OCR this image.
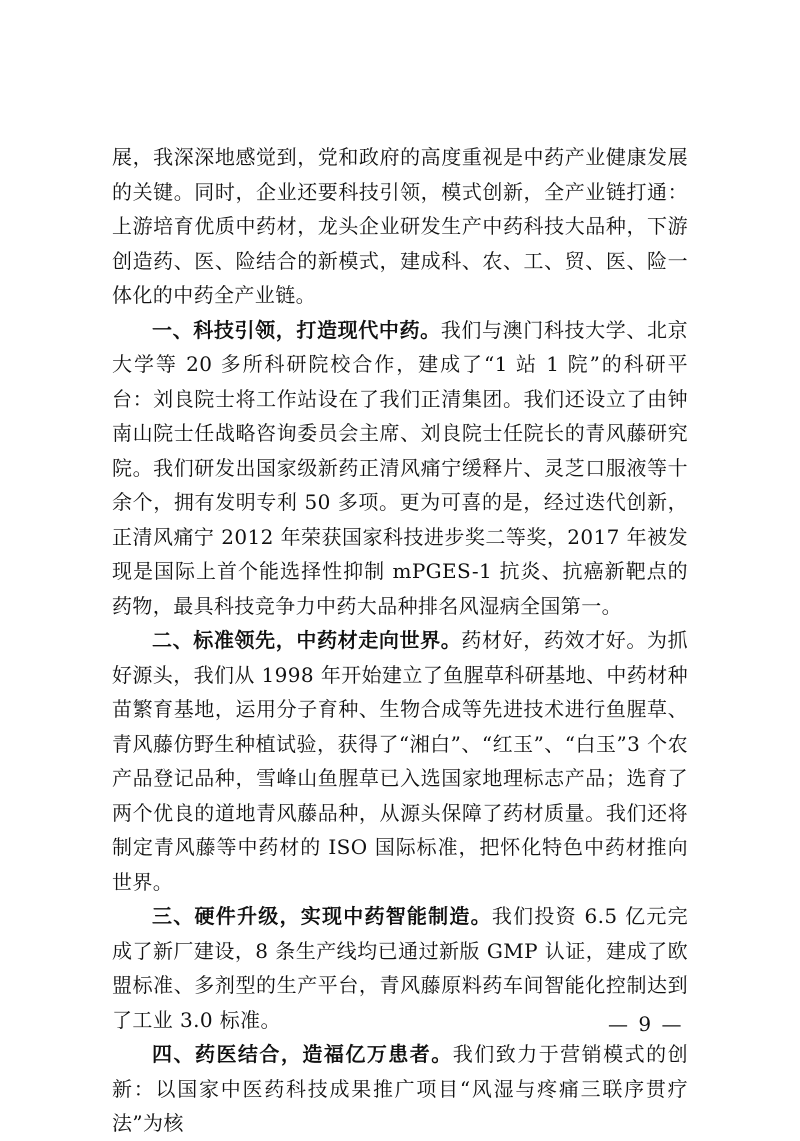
展，我深深地感觉到，党和政府的高度重视是中药产业健康发展的关键。同时，企业还要科技引领，模式创新，全产业链打通：上游培育优质中药材，龙头企业研发生产中药科技大品种，下游创造药、医、险结合的新模式，建成科、农、工、贸、医、险一体化的中药全产业链。

一、科技引领，打造现代中药。我们与澳门科技大学、北京大学等 20 多所科研院校合作，建成了“1 站 1 院”的科研平台：刘良院士将工作站设在了我们正清集团。我们还设立了由钟南山院士任战略咨询委员会主席、刘良院士任院长的青风藤研究院。我们研发出国家级新药正清风痛宁缓释片、灵芝口服液等十余个，拥有发明专利 50 多项。更为可喜的是，经过迭代创新，正清风痛宁 2012 年荣获国家科技进步奖二等奖，2017 年被发现是国际上首个能选择性抑制 mPGES-1 抗炎、抗癌新靶点的药物，最具科技竞争力中药大品种排名风湿病全国第一。

二、标准领先，中药材走向世界。药材好，药效才好。为抓好源头，我们从 1998 年开始建立了鱼腥草科研基地、中药材种苗繁育基地，运用分子育种、生物合成等先进技术进行鱼腥草、青风藤仿野生种植试验，获得了“湘白”、“红玉”、“白玉”3 个农产品登记品种，雪峰山鱼腥草已入选国家地理标志产品；选育了两个优良的道地青风藤品种，从源头保障了药材质量。我们还将制定青风藤等中药材的 ISO 国际标准，把怀化特色中药材推向世界。

三、硬件升级，实现中药智能制造。我们投资 6.5 亿元完成了新厂建设，8 条生产线均已通过新版 GMP 认证，建成了欧盟标准、多剂型的生产平台，青风藤原料药车间智能化控制达到了工业 3.0 标准。

四、药医结合，造福亿万患者。我们致力于营销模式的创新：以国家中医药科技成果推广项目“风湿与疼痛三联序贯疗法”为核

— 9 —
